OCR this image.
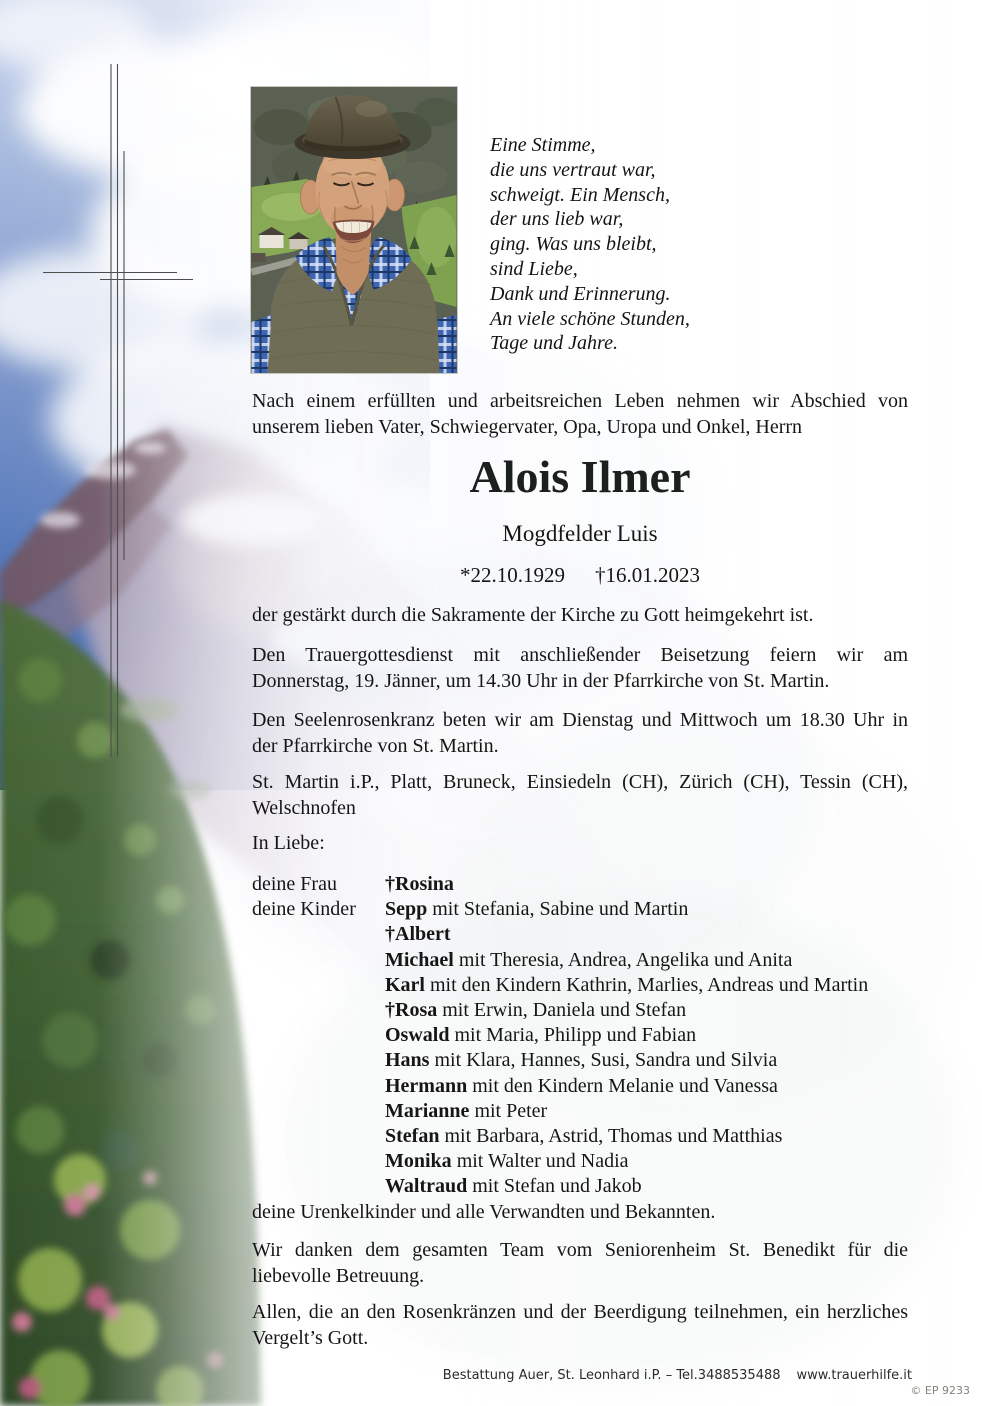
Eine Stimme,
die uns vertraut war,
schweigt. Ein Mensch,
der uns lieb war,
ging. Was uns bleibt,
sind Liebe,
Dank und Erinnerung.
An viele schöne Stunden,
Tage und Jahre.
Nach einem erfüllten und arbeitsreichen Leben nehmen wir Abschied von
unserem lieben Vater, Schwiegervater, Opa, Uropa und Onkel, Herrn
Alois Ilmer
Mogdfelder Luis
*22.10.1929 †16.01.2023
der gestärkt durch die Sakramente der Kirche zu Gott heimgekehrt ist.
Den Trauergottesdienst mit anschließender Beisetzung feiern wir am
Donnerstag, 19. Jänner, um 14.30 Uhr in der Pfarrkirche von St. Martin.
Den Seelenrosenkranz beten wir am Dienstag und Mittwoch um 18.30 Uhr in
der Pfarrkirche von St. Martin.
St. Martin i.P., Platt, Bruneck, Einsiedeln (CH), Zürich (CH), Tessin (CH),
Welschnofen
In Liebe:
deine Frau †Rosina
deine Kinder Sepp mit Stefania, Sabine und Martin
†Albert
Michael mit Theresia, Andrea, Angelika und Anita
Karl mit den Kindern Kathrin, Marlies, Andreas und Martin
†Rosa mit Erwin, Daniela und Stefan
Oswald mit Maria, Philipp und Fabian
Hans mit Klara, Hannes, Susi, Sandra und Silvia
Hermann mit den Kindern Melanie und Vanessa
Marianne mit Peter
Stefan mit Barbara, Astrid, Thomas und Matthias
Monika mit Walter und Nadia
Waltraud mit Stefan und Jakob
deine Urenkelkinder und alle Verwandten und Bekannten.
Wir danken dem gesamten Team vom Seniorenheim St. Benedikt für die
liebevolle Betreuung.
Allen, die an den Rosenkränzen und der Beerdigung teilnehmen, ein herzliches
Vergelt’s Gott.
Bestattung Auer, St. Leonhard i.P. – Tel.3488535488 www.trauerhilfe.it
© EP 9233
